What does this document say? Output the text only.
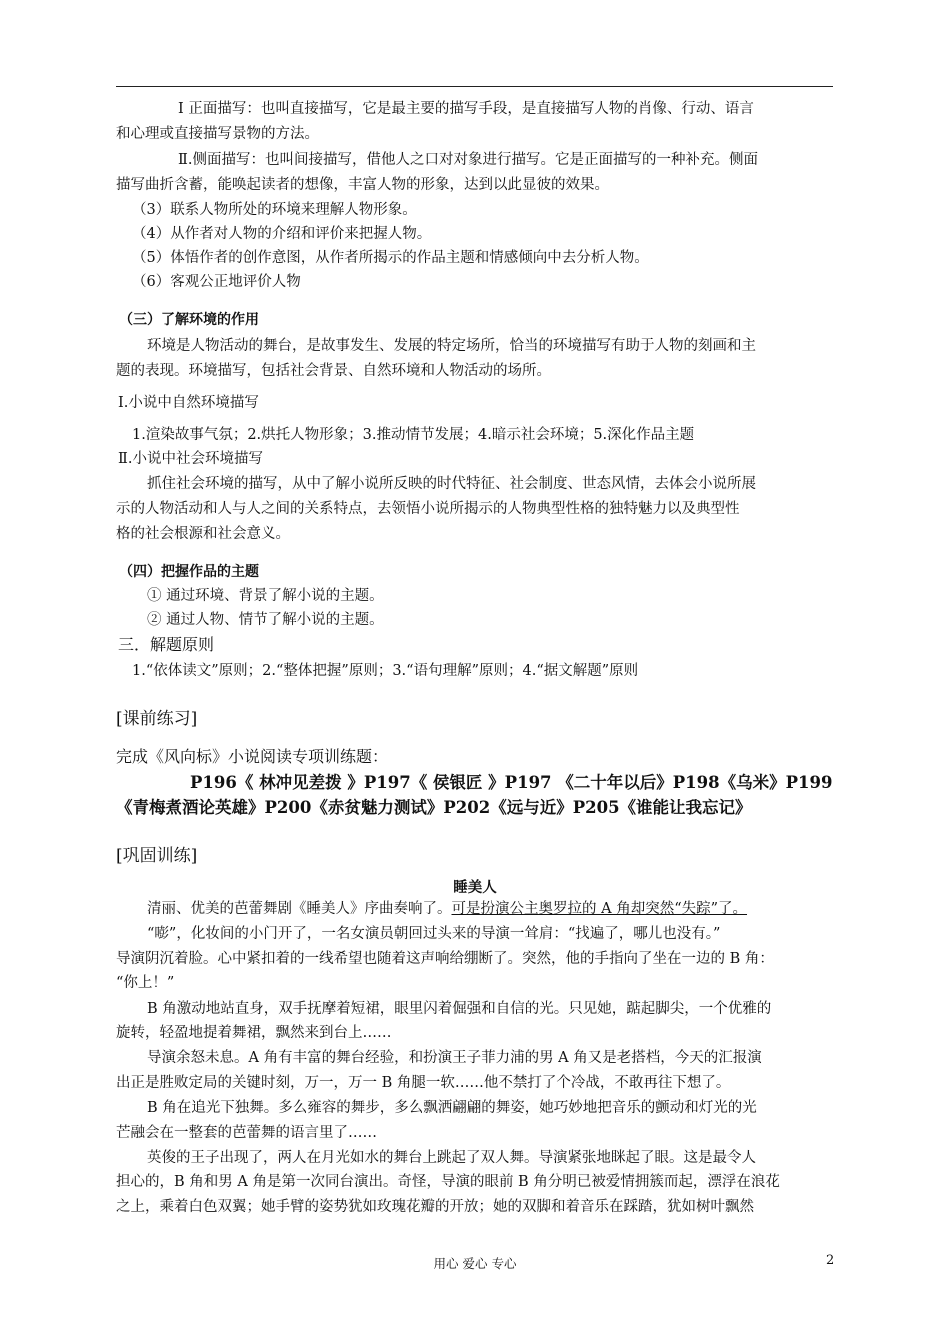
Ⅰ 正面描写：也叫直接描写，它是最主要的描写手段，是直接描写人物的肖像、行动、语言
和心理或直接描写景物的方法。
Ⅱ.侧面描写：也叫间接描写，借他人之口对对象进行描写。它是正面描写的一种补充。侧面
描写曲折含蓄，能唤起读者的想像，丰富人物的形象，达到以此显彼的效果。
（3）联系人物所处的环境来理解人物形象。
（4）从作者对人物的介绍和评价来把握人物。
（5）体悟作者的创作意图，从作者所揭示的作品主题和情感倾向中去分析人物。
（6）客观公正地评价人物
（三）了解环境的作用
环境是人物活动的舞台，是故事发生、发展的特定场所，恰当的环境描写有助于人物的刻画和主
题的表现。环境描写，包括社会背景、自然环境和人物活动的场所。
Ⅰ.小说中自然环境描写
1.渲染故事气氛；2.烘托人物形象；3.推动情节发展；4.暗示社会环境；5.深化作品主题
Ⅱ.小说中社会环境描写
抓住社会环境的描写，从中了解小说所反映的时代特征、社会制度、世态风情，去体会小说所展
示的人物活动和人与人之间的关系特点，去领悟小说所揭示的人物典型性格的独特魅力以及典型性
格的社会根源和社会意义。
（四）把握作品的主题
① 通过环境、背景了解小说的主题。
② 通过人物、情节了解小说的主题。
三．解题原则
1.“依体读文”原则；2.“整体把握”原则；3.“语句理解”原则；4.“据文解题”原则
[课前练习]
完成《风向标》小说阅读专项训练题：
P196《 林冲见差拨 》P197《 侯银匠 》P197 《二十年以后》P198《乌米》P199
《青梅煮酒论英雄》P200《赤贫魅力测试》P202《远与近》P205《谁能让我忘记》
[巩固训练]
睡美人
清丽、优美的芭蕾舞剧《睡美人》序曲奏响了。可是扮演公主奥罗拉的 A 角却突然“失踪”了。
“嘭”，化妆间的小门开了，一名女演员朝回过头来的导演一耸肩：“找遍了，哪儿也没有。”
导演阴沉着脸。心中紧扣着的一线希望也随着这声响给绷断了。突然，他的手指向了坐在一边的 B 角：
“你上！”
B 角激动地站直身，双手抚摩着短裙，眼里闪着倔强和自信的光。只见她，踮起脚尖，一个优雅的
旋转，轻盈地提着舞裙，飘然来到台上……
导演余怒未息。A 角有丰富的舞台经验，和扮演王子菲力浦的男 A 角又是老搭档，今天的汇报演
出正是胜败定局的关键时刻，万一，万一 B 角腿一软……他不禁打了个冷战，不敢再往下想了。
B 角在追光下独舞。多么雍容的舞步，多么飘洒翩翩的舞姿，她巧妙地把音乐的颤动和灯光的光
芒融会在一整套的芭蕾舞的语言里了……
英俊的王子出现了，两人在月光如水的舞台上跳起了双人舞。导演紧张地眯起了眼。这是最令人
担心的，B 角和男 A 角是第一次同台演出。奇怪，导演的眼前 B 角分明已被爱情拥簇而起，漂浮在浪花
之上，乘着白色双翼；她手臂的姿势犹如玫瑰花瓣的开放；她的双脚和着音乐在踩踏，犹如树叶飘然
用心 爱心 专心	2
